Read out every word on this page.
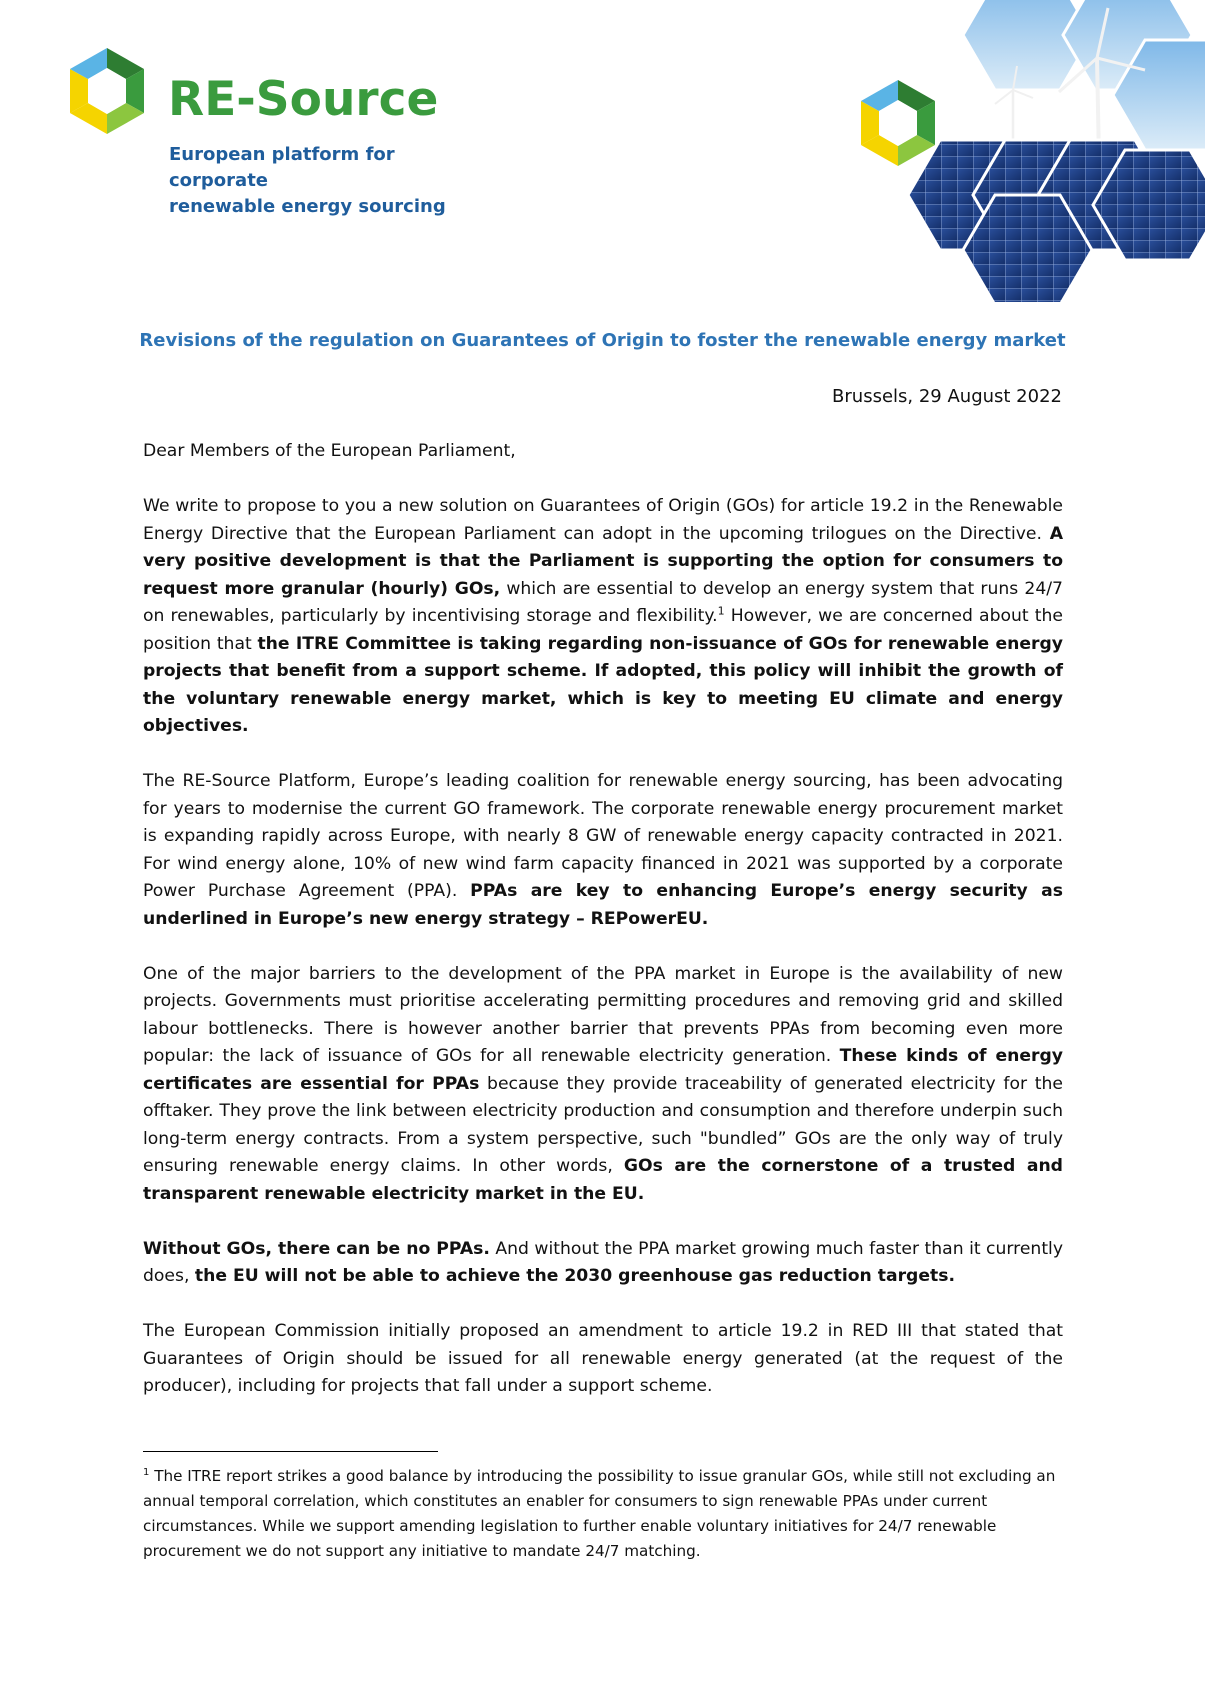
RE-Source
European platform for corporate
renewable energy sourcing
Revisions of the regulation on Guarantees of Origin to foster the renewable energy market
Brussels, 29 August 2022

Dear Members of the European Parliament,

We write to propose to you a new solution on Guarantees of Origin (GOs) for article 19.2 in the Renewable Energy Directive that the European Parliament can adopt in the upcoming trilogues on the Directive. A very positive development is that the Parliament is supporting the option for consumers to request more granular (hourly) GOs, which are essential to develop an energy system that runs 24/7 on renewables, particularly by incentivising storage and flexibility.$^1$ However, we are concerned about the position that the ITRE Committee is taking regarding non-issuance of GOs for renewable energy projects that benefit from a support scheme. If adopted, this policy will inhibit the growth of the voluntary renewable energy market, which is key to meeting EU climate and energy objectives.

The RE-Source Platform, Europe’s leading coalition for renewable energy sourcing, has been advocating for years to modernise the current GO framework. The corporate renewable energy procurement market is expanding rapidly across Europe, with nearly 8 GW of renewable energy capacity contracted in 2021. For wind energy alone, 10% of new wind farm capacity financed in 2021 was supported by a corporate Power Purchase Agreement (PPA). PPAs are key to enhancing Europe’s energy security as underlined in Europe’s new energy strategy – REPowerEU.

One of the major barriers to the development of the PPA market in Europe is the availability of new projects. Governments must prioritise accelerating permitting procedures and removing grid and skilled labour bottlenecks. There is however another barrier that prevents PPAs from becoming even more popular: the lack of issuance of GOs for all renewable electricity generation. These kinds of energy certificates are essential for PPAs because they provide traceability of generated electricity for the offtaker. They prove the link between electricity production and consumption and therefore underpin such long-term energy contracts. From a system perspective, such "bundled” GOs are the only way of truly ensuring renewable energy claims. In other words, GOs are the cornerstone of a trusted and transparent renewable electricity market in the EU.

Without GOs, there can be no PPAs. And without the PPA market growing much faster than it currently does, the EU will not be able to achieve the 2030 greenhouse gas reduction targets.

The European Commission initially proposed an amendment to article 19.2 in RED III that stated that Guarantees of Origin should be issued for all renewable energy generated (at the request of the producer), including for projects that fall under a support scheme.

$^1$ The ITRE report strikes a good balance by introducing the possibility to issue granular GOs, while still not excluding an annual temporal correlation, which constitutes an enabler for consumers to sign renewable PPAs under current circumstances. While we support amending legislation to further enable voluntary initiatives for 24/7 renewable procurement we do not support any initiative to mandate 24/7 matching.
